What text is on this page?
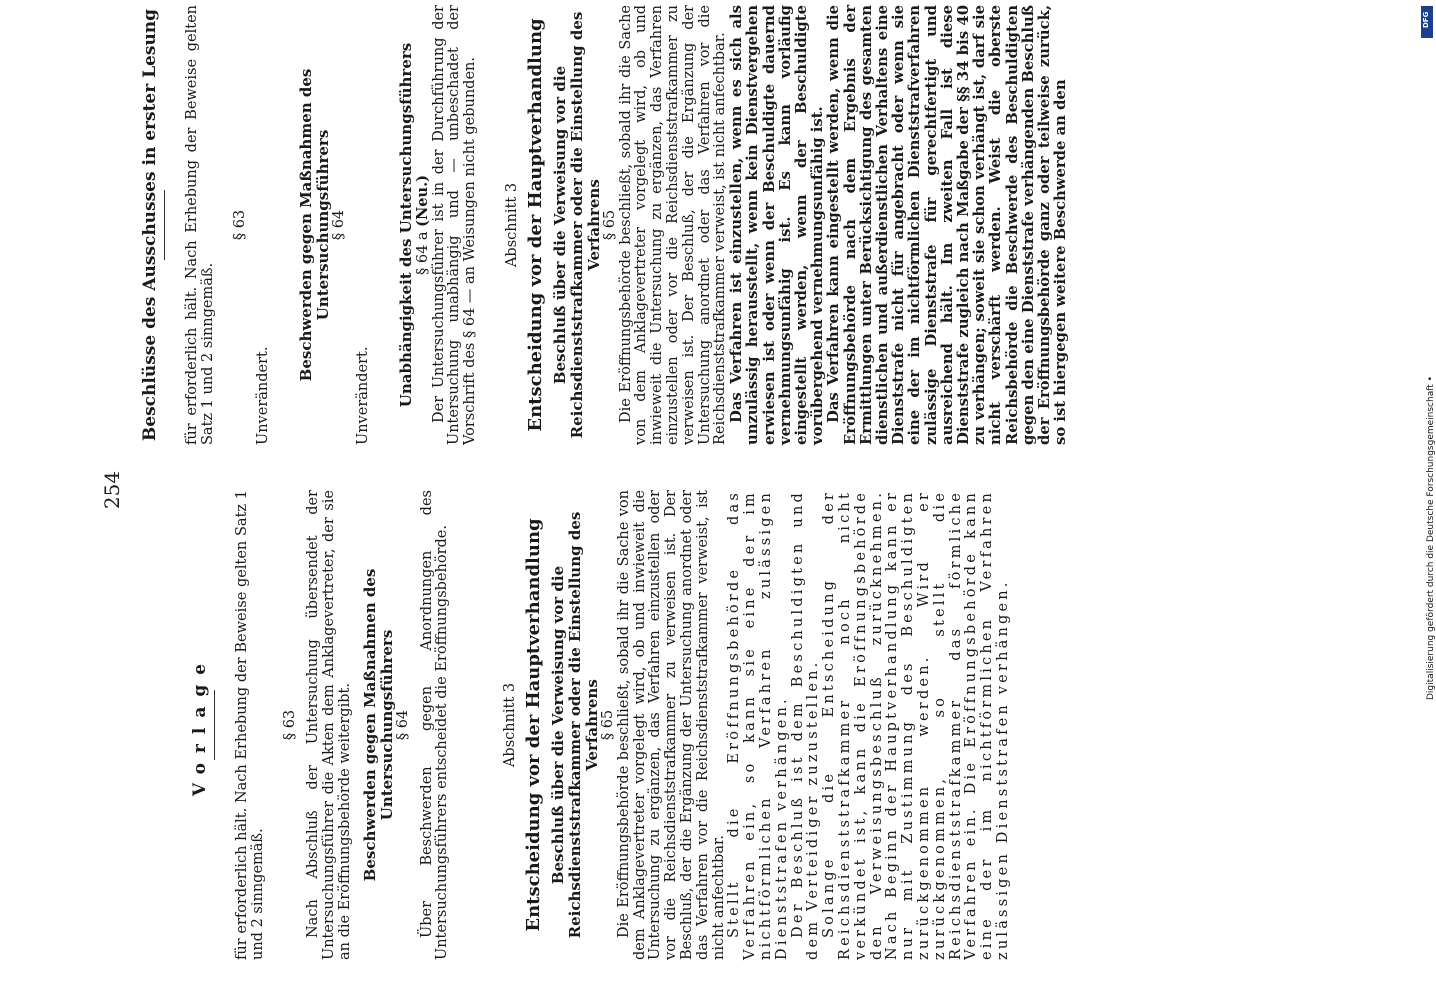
254
Vorlage für erforderlich hält. Nach Erhebung der Beweise gelten Satz 1 und 2 sinngemäß.

§ 63 Nach Abschluß der Untersuchung übersendet der Untersuchungsführer die Akten dem Anklagevertreter, der sie an die Eröffnungsbehörde weitergibt. Beschwerden gegen Maßnahmen des Untersuchungsführers § 64 Über Beschwerden gegen Anordnungen des Untersuchungsführers entscheidet die Eröffnungsbehörde.	Abschnitt 3 Entscheidung vor der Hauptverhandlung Beschluß über die Verweisung vor die Reichsdienststrafkammer oder die Einstellung des Verfahrens § 65 Die Eröffnungsbehörde beschließt, sobald ihr die Sache von dem Anklagevertreter vorgelegt wird, ob und inwieweit die Untersuchung zu ergänzen, das Verfahren einzustellen oder vor die Reichsdienststrafkammer zu verweisen ist. Der Beschluß, der die Ergänzung der Untersuchung anordnet oder das Verfahren vor die Reichsdienststrafkammer verweist, ist nicht anfechtbar. Stellt die Eröffnungsbehörde das Verfahren ein, so kann sie eine der im nichtförmlichen Verfahren zulässigen Dienststrafen verhängen. Der Beschluß ist dem Beschuldigten und dem Verteidiger zuzustellen. Solange die Entscheidung der Reichsdienststrafkammer noch nicht verkündet ist, kann die Eröffnungsbehörde den Verweisungsbeschluß zurücknehmen. Nach Beginn der Hauptverhandlung kann er nur mit Zustimmung des Beschuldigten zurückgenommen werden. Wird er zurückgenommen, so stellt die Reichsdienststrafkammer das förmliche Verfahren ein. Die Eröffnungsbehörde kann eine der im nichtförmlichen Verfahren zulässigen Dienststrafen verhängen.

Beschlüsse des Ausschusses in erster Lesung für erforderlich hält. Nach Erhebung der Beweise gelten Satz 1 und 2 sinngemäß.

§ 63

Unverändert.

Beschwerden gegen Maßnahmen des Untersuchungsführers § 64

Unverändert. Unabhängigkeit des Untersuchungsführers § 64 a (Neu.) Der Untersuchungsführer ist in der Durchführung der Untersuchung unabhängig und — unbeschadet der Vorschrift des § 64 — an Weisungen nicht gebunden. Abschnitt 3 Entscheidung vor der Hauptverhandlung Beschluß über die Verweisung vor die Reichsdienststrafkammer oder die Einstellung des Verfahrens § 65 Die Eröffnungsbehörde beschließt, sobald ihr die Sache von dem Anklagevertreter vorgelegt wird, ob und inwieweit die Untersuchung zu ergänzen, das Verfahren einzustellen oder vor die Reichsdienststrafkammer zu verweisen ist. Der Beschluß, der die Ergänzung der Untersuchung anordnet oder das Verfahren vor die Reichsdienststrafkammer verweist, ist nicht anfechtbar. Das Verfahren ist einzustellen, wenn es sich als unzulässig herausstellt, wenn kein Dienstvergehen erwiesen ist oder wenn der Beschuldigte dauernd vernehmungsunfähig ist. Es kann vorläufig eingestellt werden, wenn der Beschuldigte vorübergehend vernehmungsunfähig ist. Das Verfahren kann eingestellt werden, wenn die Eröffnungsbehörde nach dem Ergebnis der Ermittlungen unter Berücksichtigung des gesamten dienstlichen und außerdienstlichen Verhaltens eine Dienststrafe nicht für angebracht oder wenn sie eine der im nichtförmlichen Dienststrafverfahren zulässige Dienststrafe für gerechtfertigt und ausreichend hält. Im zweiten Fall ist diese Dienststrafe zugleich nach Maßgabe der §§ 34 bis 40 zu verhängen; soweit sie schon verhängt ist, darf sie nicht verschärft werden. Weist die oberste Reichsbehörde die Beschwerde des Beschuldigten gegen den eine Dienststrafe verhängenden Beschluß der Eröffnungsbehörde ganz oder teilweise zurück, so ist hiergegen weitere Beschwerde an den

Digitalisierung gefördert durch die Deutsche Forschungsgemeinschaft •
DFG
